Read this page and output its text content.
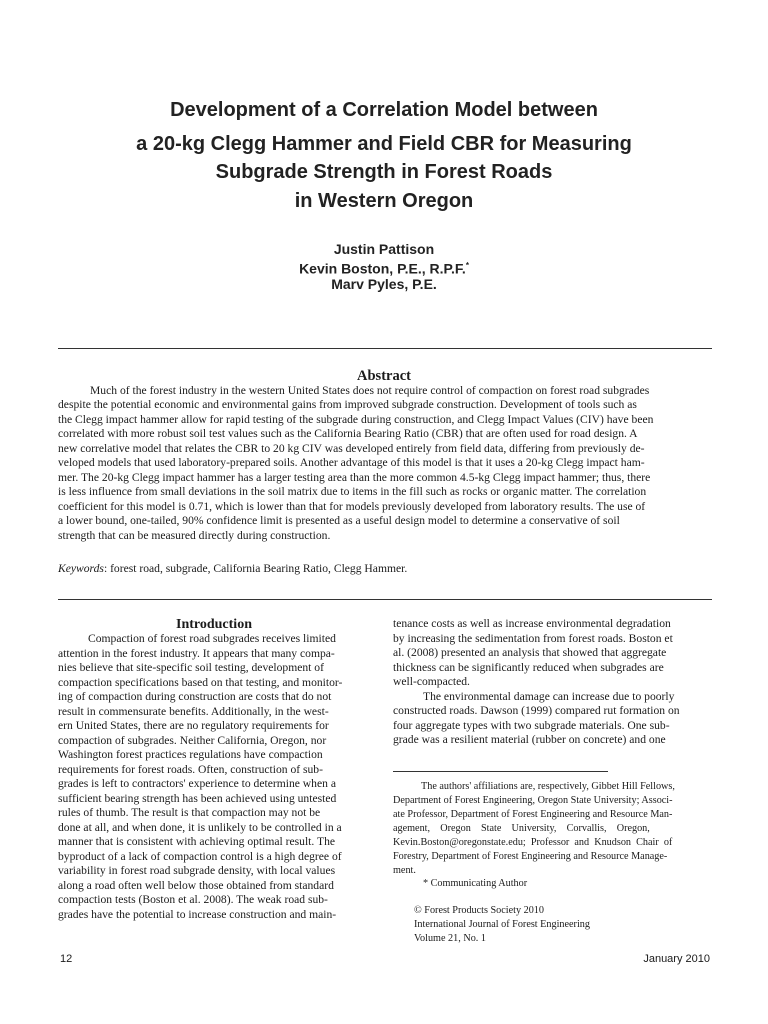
Development of a Correlation Model between
a 20-kg Clegg Hammer and Field CBR for Measuring
Subgrade Strength in Forest Roads
in Western Oregon
Justin Pattison
Kevin Boston, P.E., R.P.F.*
Marv Pyles, P.E.
Abstract
Much of the forest industry in the western United States does not require control of compaction on forest road subgrades
despite the potential economic and environmental gains from improved subgrade construction. Development of tools such as
the Clegg impact hammer allow for rapid testing of the subgrade during construction, and Clegg Impact Values (CIV) have been
correlated with more robust soil test values such as the California Bearing Ratio (CBR) that are often used for road design. A
new correlative model that relates the CBR to 20 kg CIV was developed entirely from field data, differing from previously de-
veloped models that used laboratory-prepared soils. Another advantage of this model is that it uses a 20-kg Clegg impact ham-
mer. The 20-kg Clegg impact hammer has a larger testing area than the more common 4.5-kg Clegg impact hammer; thus, there
is less influence from small deviations in the soil matrix due to items in the fill such as rocks or organic matter. The correlation
coefficient for this model is 0.71, which is lower than that for models previously developed from laboratory results. The use of
a lower bound, one-tailed, 90% confidence limit is presented as a useful design model to determine a conservative of soil
strength that can be measured directly during construction.
Keywords: forest road, subgrade, California Bearing Ratio, Clegg Hammer.
Introduction
Compaction of forest road subgrades receives limited
attention in the forest industry. It appears that many compa-
nies believe that site-specific soil testing, development of
compaction specifications based on that testing, and monitor-
ing of compaction during construction are costs that do not
result in commensurate benefits. Additionally, in the west-
ern United States, there are no regulatory requirements for
compaction of subgrades. Neither California, Oregon, nor
Washington forest practices regulations have compaction
requirements for forest roads. Often, construction of sub-
grades is left to contractors' experience to determine when a
sufficient bearing strength has been achieved using untested
rules of thumb. The result is that compaction may not be
done at all, and when done, it is unlikely to be controlled in a
manner that is consistent with achieving optimal result. The
byproduct of a lack of compaction control is a high degree of
variability in forest road subgrade density, with local values
along a road often well below those obtained from standard
compaction tests (Boston et al. 2008). The weak road sub-
grades have the potential to increase construction and main-
tenance costs as well as increase environmental degradation
by increasing the sedimentation from forest roads. Boston et
al. (2008) presented an analysis that showed that aggregate
thickness can be significantly reduced when subgrades are
well-compacted.
The environmental damage can increase due to poorly
constructed roads. Dawson (1999) compared rut formation on
four aggregate types with two subgrade materials. One sub-
grade was a resilient material (rubber on concrete) and one
The authors' affiliations are, respectively, Gibbet Hill Fellows,
Department of Forest Engineering, Oregon State University; Associ-
ate Professor, Department of Forest Engineering and Resource Man-
agement,    Oregon    State    University,    Corvallis,    Oregon,
Kevin.Boston@oregonstate.edu;  Professor  and  Knudson  Chair  of
Forestry, Department of Forest Engineering and Resource Manage-
ment.
* Communicating Author
© Forest Products Society 2010
International Journal of Forest Engineering
Volume 21, No. 1
12	January 2010
